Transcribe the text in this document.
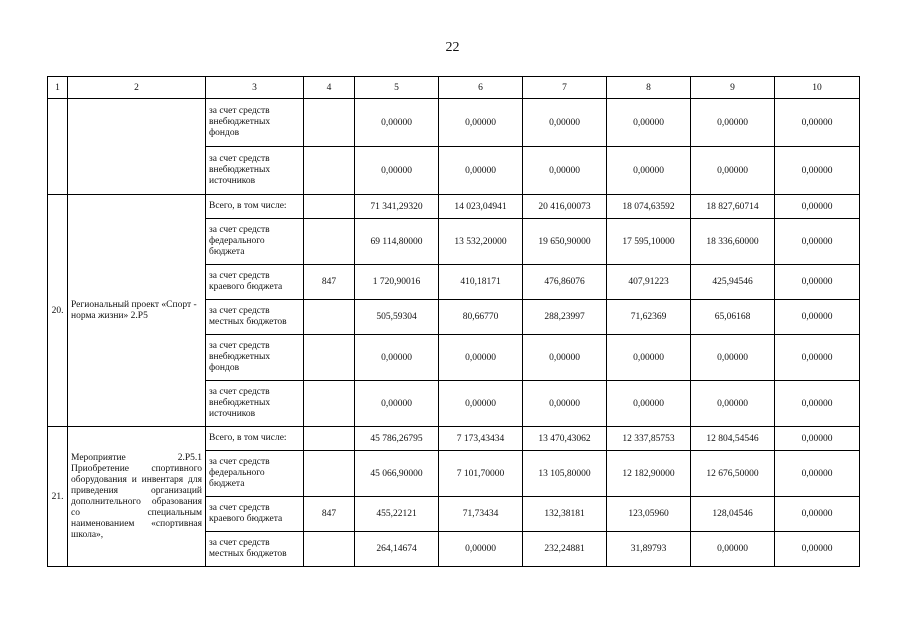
22
1	2	3	4	5	6	7	8	9	10
		за счет средств внебюджетных фондов		0,00000	0,00000	0,00000	0,00000	0,00000	0,00000
		за счет средств внебюджетных источников		0,00000	0,00000	0,00000	0,00000	0,00000	0,00000
20.	Региональный проект «Спорт - норма жизни» 2.Р5	Всего, в том числе:		71 341,29320	14 023,04941	20 416,00073	18 074,63592	18 827,60714	0,00000
		за счет средств федерального бюджета		69 114,80000	13 532,20000	19 650,90000	17 595,10000	18 336,60000	0,00000
		за счет средств краевого бюджета	847	1 720,90016	410,18171	476,86076	407,91223	425,94546	0,00000
		за счет средств местных бюджетов		505,59304	80,66770	288,23997	71,62369	65,06168	0,00000
		за счет средств внебюджетных фондов		0,00000	0,00000	0,00000	0,00000	0,00000	0,00000
		за счет средств внебюджетных источников		0,00000	0,00000	0,00000	0,00000	0,00000	0,00000
21.	Мероприятие 2.Р5.1 Приобретение спортивного оборудования и инвентаря для приведения организаций дополнительного образования со специальным наименованием «спортивная школа»,	Всего, в том числе:		45 786,26795	7 173,43434	13 470,43062	12 337,85753	12 804,54546	0,00000
		за счет средств федерального бюджета		45 066,90000	7 101,70000	13 105,80000	12 182,90000	12 676,50000	0,00000
		за счет средств краевого бюджета	847	455,22121	71,73434	132,38181	123,05960	128,04546	0,00000
		за счет средств местных бюджетов		264,14674	0,00000	232,24881	31,89793	0,00000	0,00000
